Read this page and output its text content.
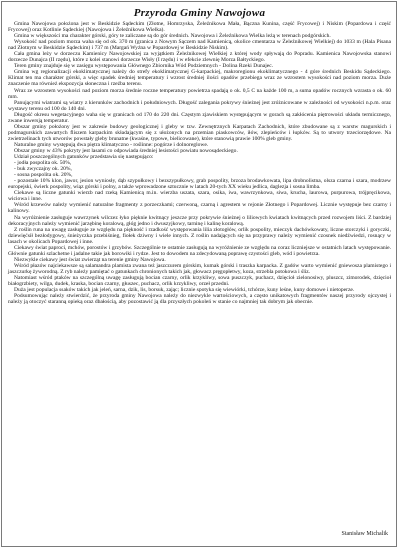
Przyroda Gminy Nawojowa

Gmina Nawojowa położona jest w Beskidzie Sądeckim (Złotne, Homrzyska, Żeleźnikowa Mała, Bączna Kunina, część Frycowej) i Niskim (Popardowa i część Frycowej) oraz Kotlinie Sądeckiej (Nawojowa i Żeleźnikowa Wielka).

Gmina w większości ma charakter górski, góry te zaliczane są do gór średnich. Nawojowa i Żeleźnikowa Wielka leżą w terenach podgórskich.

Wysokość nad poziom morza waha się od ok. 370 m (granica z Nowym Sączem nad Kamienicą, okolice cmentarza w Żeleźnikowej Wielkiej) do 1033 m (Hala Pisana nad Złotnym w Beskidzie Sądeckim) i 737 m (Margań Wyżna w Popardowej w Beskidzie Niskim).

Cała gmina leży w dorzeczu Kamienicy Nawojowskiej za wyjątkiem Żeleźnikowej Wielkiej z której wody spływają do Popradu. Kamienica Nawojowska stanowi dorzecze Dunajca (II rzędu), które z kolei stanowi dorzecze Wisły (I rzędu) i w efekcie zlewnię Morza Bałtyckiego.

Teren gminy znajduje się w zasięgu występowania Głównego Zbiornika Wód Podziemnych - Dolina Rzeki Dunajec.

Gmina wg regionalizacji ekoklimatycznej należy do strefy ekoklimatycznej G-karpackiej, makroregionu ekoklimatycznego - 4 góre średnich Beskidu Sądeckiego. Klimat ten ma charakter górski, a więc spadek średniej temperatury i wzrost średniej ilości opadów przebiega wraz ze wzrostem wysokości nad poziom morza. Duże znaczenie ma również ekspozycja słoneczna i rzeźba terenu.

Wraz ze wzrostem wysokości nad poziom morza średnie roczne temperatury powietrza spadają o ok. 0,5 C na każde 100 m, a suma opadów rocznych wzrasta o ok. 60 mm.

Panującymi wiatrami są wiatry z kierunków zachodnich i południowych. Długość zalegania pokrywy śnieżnej jest zróżnicowane w zależności od wysokości n.p.m. oraz wystawy terenu od 100 do 140 dni.

Długość okresu wegetacyjnego waha się w granicach od 170 do 220 dni. Częstym zjawiskiem występującym w gorach są zakłócenia piętrowości układu termicznego, zwane inwersją temperatur.

Obszar gminy położony jest w zakresie budowy geologicznej i gleby w tzw. Zewnętrznych Karpatach Zachodnich, które zbudowane są z warstw magurskich i podmagurskich zawartych fliszem karpackim składającym się z ułożonych na przemian piaskowców, iłów, zlepieńców i łupków. Są to utwory trzeciorzędowe. Na zwietrzelinach tych utworów powstały gleby brunatne (kwaśne, typowe, bielicowane), które stanowią prawie 100% gleb gminy.

Naturalne gminy występują dwa piętra klimatyczno - roślinne: pogórze i dolnoreglowe.

Obszar gminy w 43% pokryty jest lasami co odpowiada średniej lesistości powiatu nowosądeckiego.

Udział poszczególnych gatunków przedstawia się następująco:

- jodła pospolita ok. 50%,

- buk zwyczajny ok. 20%,

- sosna pospolita ok. 20%,

- pozostałe 10% klon, jawor, jesion wyniosły, dąb szypułkowy i bezszypułkowy, grab pospolity, brzoza brodawkowata, lipa drobnolistna, olsza czarna i szara, modrzew europejski, świerk pospolity, wiąz górski i polny, a także wprowadzone sztucznie w latach 20-tych XX wieku jedlica, daglezja i sosna limba.

Ciekawe są liczne gatunki wierzb nad rzeką Kamienicą m.in. wierzba uszata, szara, osika, iwa, wawrzynkowa, siwa, krucha, laurowa, purpurowa, trójpręcikowa, wiciowa i inne.

Wśród krzewów należy wymienić naturalne fragmenty z porzeczkami; czerwoną, czarną i agrestem w rejonie Złotnego i Popardowej. Licznie występuje bez czarny i kalinowy.

Na wyróżnienie zasługuje wawrzynek wilczez łyko pięknie kwitnący jeszcze przy pokrywie śnieżnej o liliowych kwiatach kwitnących przed rozwojem liści. Z bardziej dekoracyjnych należy wymienić jarzębinę koralową, głóg jedno i dwuszyjkowy, tarninę i kalinę koralową.

Z roślin runa na uwagę zasługuje ze względu na piękność i rzadkość występowania lilia złotogłów, orlik pospolity, mieczyk dachówkowaty, liczne storczyki i goryczki, dziewięćsił bezłodygowy, śnieżyczka przebiśnieg, fiołek dziwny i wiele innych. Z roślin nadających się na przyprawy należy wymienić czosnek niedźwiedzi, rosnący w lasach w okolicach Popardowej i inne.

Ciekawy świat paproci, mchów, porostów i grzybów. Szczególnie te ostatnie zasługują na wyróżnienie ze względu na coraz liczniejsze w ostatnich latach występowanie. Głównie gatunki szlachetne i jadalne takie jak borowiki i rydze. Jest to dowodem na zdecydowaną poprawę czystości gleb, wód i powietrza.

Niezwykle ciekawy jest świat zwierząt na terenie gminy Nawojowa.

Wśród płazów najciekawsze są salamandra plamista zwana też jaszczurem górskim, kumak górski i traszka karpacka. Z gadów warto wymienić gniewosza plamistego i jaszczurkę żyworodną. Z ryb należy pamiętać o gatunkach chronionych takich jak, głowacz pręgopłetwy, koza, strzebla potokowa i śliz.

Natomiast wśród ptaków na szczególną uwagę zasługują bocian czarny, orlik krzykliwy, sowa puszczyk, puchacz, dzięcioł zielonosiwy, pluszcz, zimorodek, dzięcioł białogrzbiety, wilga, dudek, kraska, bocian czarny, głuszec, puchacz, orlik krzykliwy, orzeł przedni.

Duża jest populacja ssaków takich jak jeleń, sarna, dzik, lis, borsuk, zając; licznie spotyka się wiewiórki, tchórze, kuny leśne, kuny domowe i nietoperze.

Podsumowując należy stwierdzić, że przyroda gminy Nawojowa należy do niezwykle wartościowych, a często unikatowych fragmentów naszej przyrody ojczystej i należy ją otoczyć staranną opieką oraz dbałością, aby pozostawić ją dla przyszłych pokoleń w stanie co najmniej tak dobrym jak obecnie.

Stanisław Michalik
